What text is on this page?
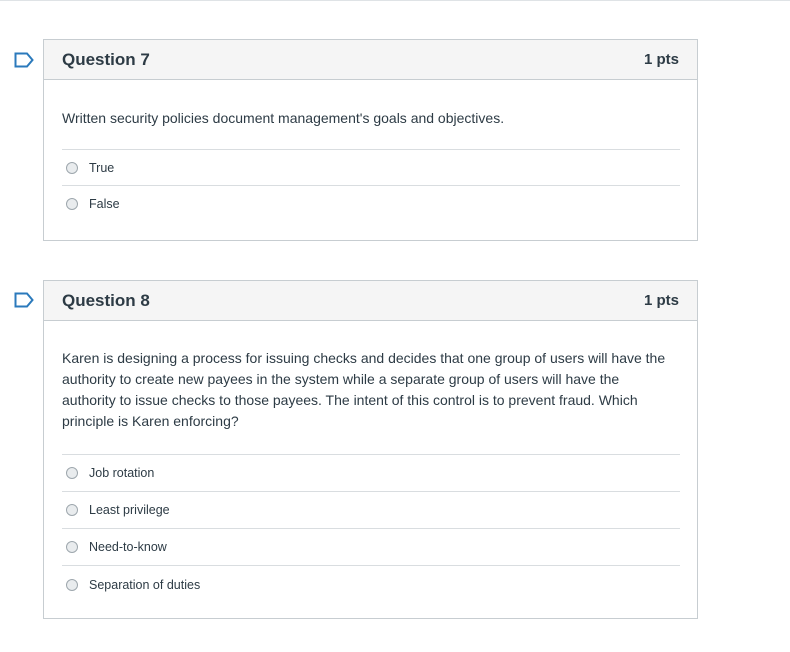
Question 7	1 pts
Written security policies document management's goals and objectives.
True
False
Question 8	1 pts
Karen is designing a process for issuing checks and decides that one group of users will have the authority to create new payees in the system while a separate group of users will have the authority to issue checks to those payees. The intent of this control is to prevent fraud. Which principle is Karen enforcing?
Job rotation
Least privilege
Need-to-know
Separation of duties
